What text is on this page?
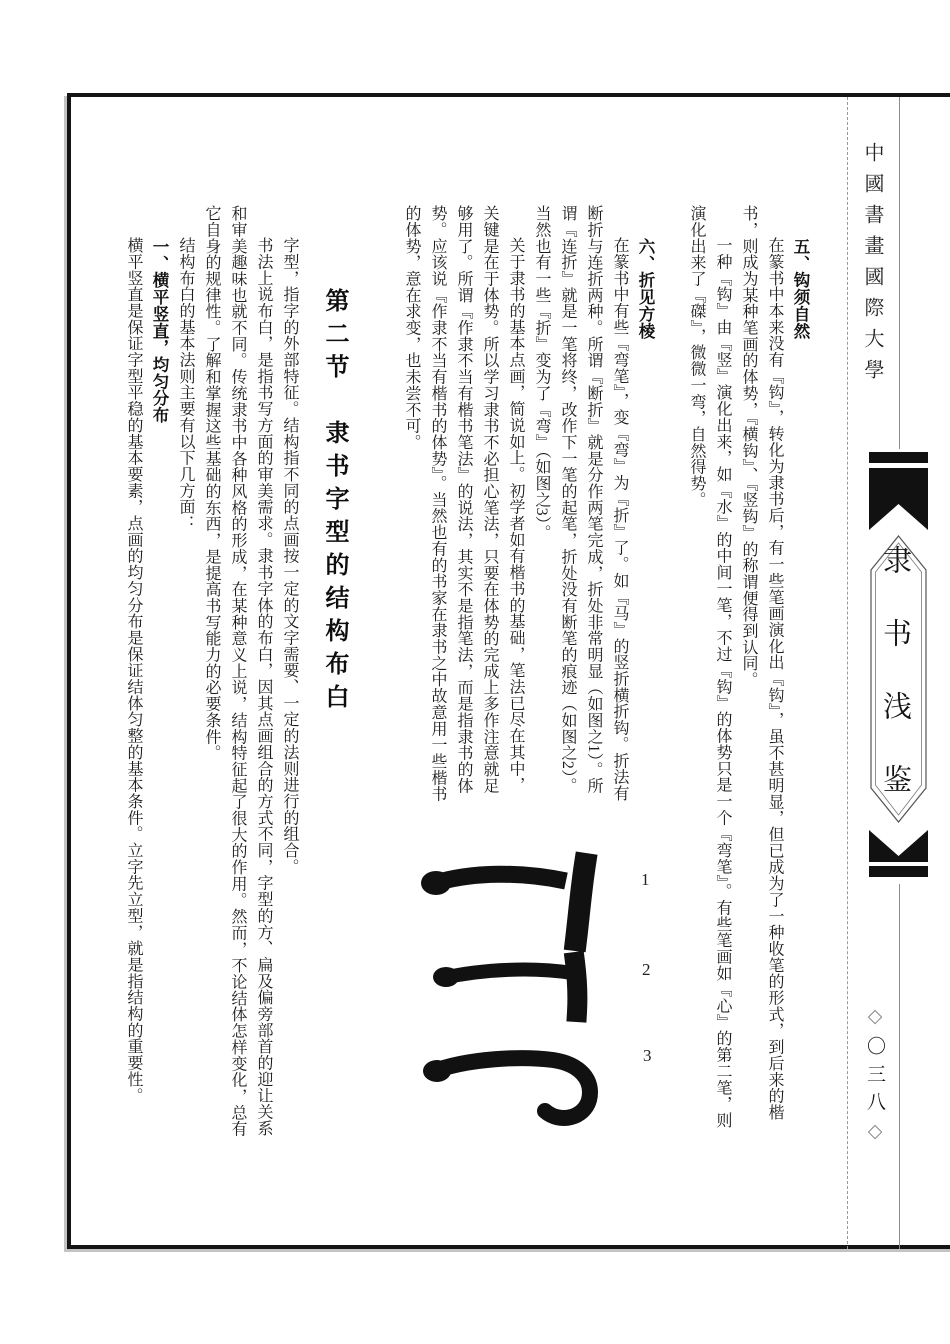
中國書畫國際大學
隶书浅鉴
◇〇三八◇
五、钩须自然

在篆书中本来没有『钩』，转化为隶书后，有一些笔画演化出『钩』，虽不甚明显，但已成为了一种收笔的形式，到后来的楷书，则成为某种笔画的体势，『横钩』、『竖钩』的称谓便得到认同。

一种『钩』由『竖』演化出来，如『水』的中间一笔，不过『钩』的体势只是一个『弯笔』。有些笔画如『心』的第二笔，则演化出来了『磔』，微微一弯，自然得势。

六、折见方棱

在篆书中有些『弯笔』，变『弯』为『折』了。如『马』的竖折横折钩。折法有断折与连折两种。所谓『断折』就是分作两笔完成，折处非常明显（如图之1）。所谓『连折』就是一笔将终，改作下一笔的起笔，折处没有断笔的痕迹（如图之2）。当然也有一些『折』变为了『弯』（如图之3）。

关于隶书的基本点画，简说如上。初学者如有楷书的基础，笔法已尽在其中，关键是在于体势。所以学习隶书不必担心笔法，只要在体势的完成上多作注意就足够用了。所谓『作隶不当有楷书笔法』的说法，其实不是指笔法，而是指隶书的体势。应该说『作隶不当有楷书的体势』。当然也有的书家在隶书之中故意用一些楷书的体势，意在求变，也未尝不可。

第二节　隶书字型的结构布白

字型，指字的外部特征。结构指不同的点画按一定的文字需要、一定的法则进行的组合。

书法上说布白，是指书写方面的审美需求。隶书字体的布白，因其点画组合的方式不同，字型的方、扁及偏旁部首的迎让关系和审美趣味也就不同。传统隶书中各种风格的形成，在某种意义上说，结构特征起了很大的作用。然而，不论结体怎样变化，总有它自身的规律性。了解和掌握这些基础的东西，是提高书写能力的必要条件。

结构布白的基本法则主要有以下几方面：

一、横平竖直，均匀分布

横平竖直是保证字型平稳的基本要素，点画的均匀分布是保证结体匀整的基本条件。立字先立型，就是指结构的重要性。	1
2
3
